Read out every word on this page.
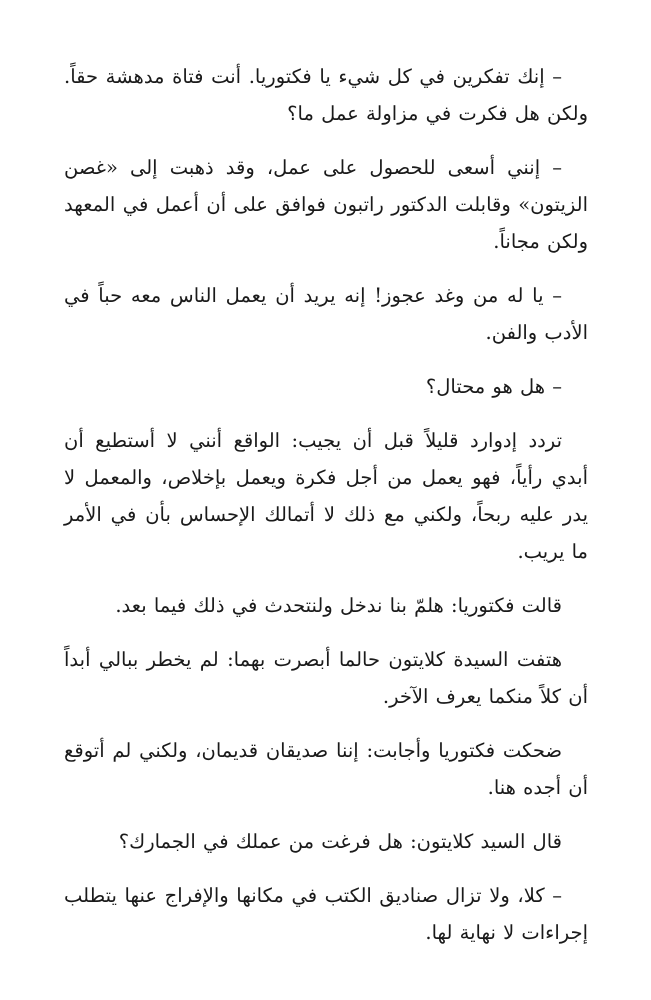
– إنك تفكرين في كل شيء يا فكتوريا. أنت فتاة مدهشة حقاً. ولكن هل فكرت في مزاولة عمل ما؟

– إنني أسعى للحصول على عمل، وقد ذهبت إلى «غصن الزيتون» وقابلت الدكتور راتبون فوافق على أن أعمل في المعهد ولكن مجاناً.

– يا له من وغد عجوز! إنه يريد أن يعمل الناس معه حباً في الأدب والفن.

– هل هو محتال؟

تردد إدوارد قليلاً قبل أن يجيب: الواقع أنني لا أستطيع أن أبدي رأياً، فهو يعمل من أجل فكرة ويعمل بإخلاص، والمعمل لا يدر عليه ربحاً، ولكني مع ذلك لا أتمالك الإحساس بأن في الأمر ما يريب.

قالت فكتوريا: هلمّ بنا ندخل ولنتحدث في ذلك فيما بعد.

هتفت السيدة كلايتون حالما أبصرت بهما: لم يخطر ببالي أبداً أن كلاً منكما يعرف الآخر.

ضحكت فكتوريا وأجابت: إننا صديقان قديمان، ولكني لم أتوقع أن أجده هنا.

قال السيد كلايتون: هل فرغت من عملك في الجمارك؟

– كلا، ولا تزال صناديق الكتب في مكانها والإفراج عنها يتطلب إجراءات لا نهاية لها.
